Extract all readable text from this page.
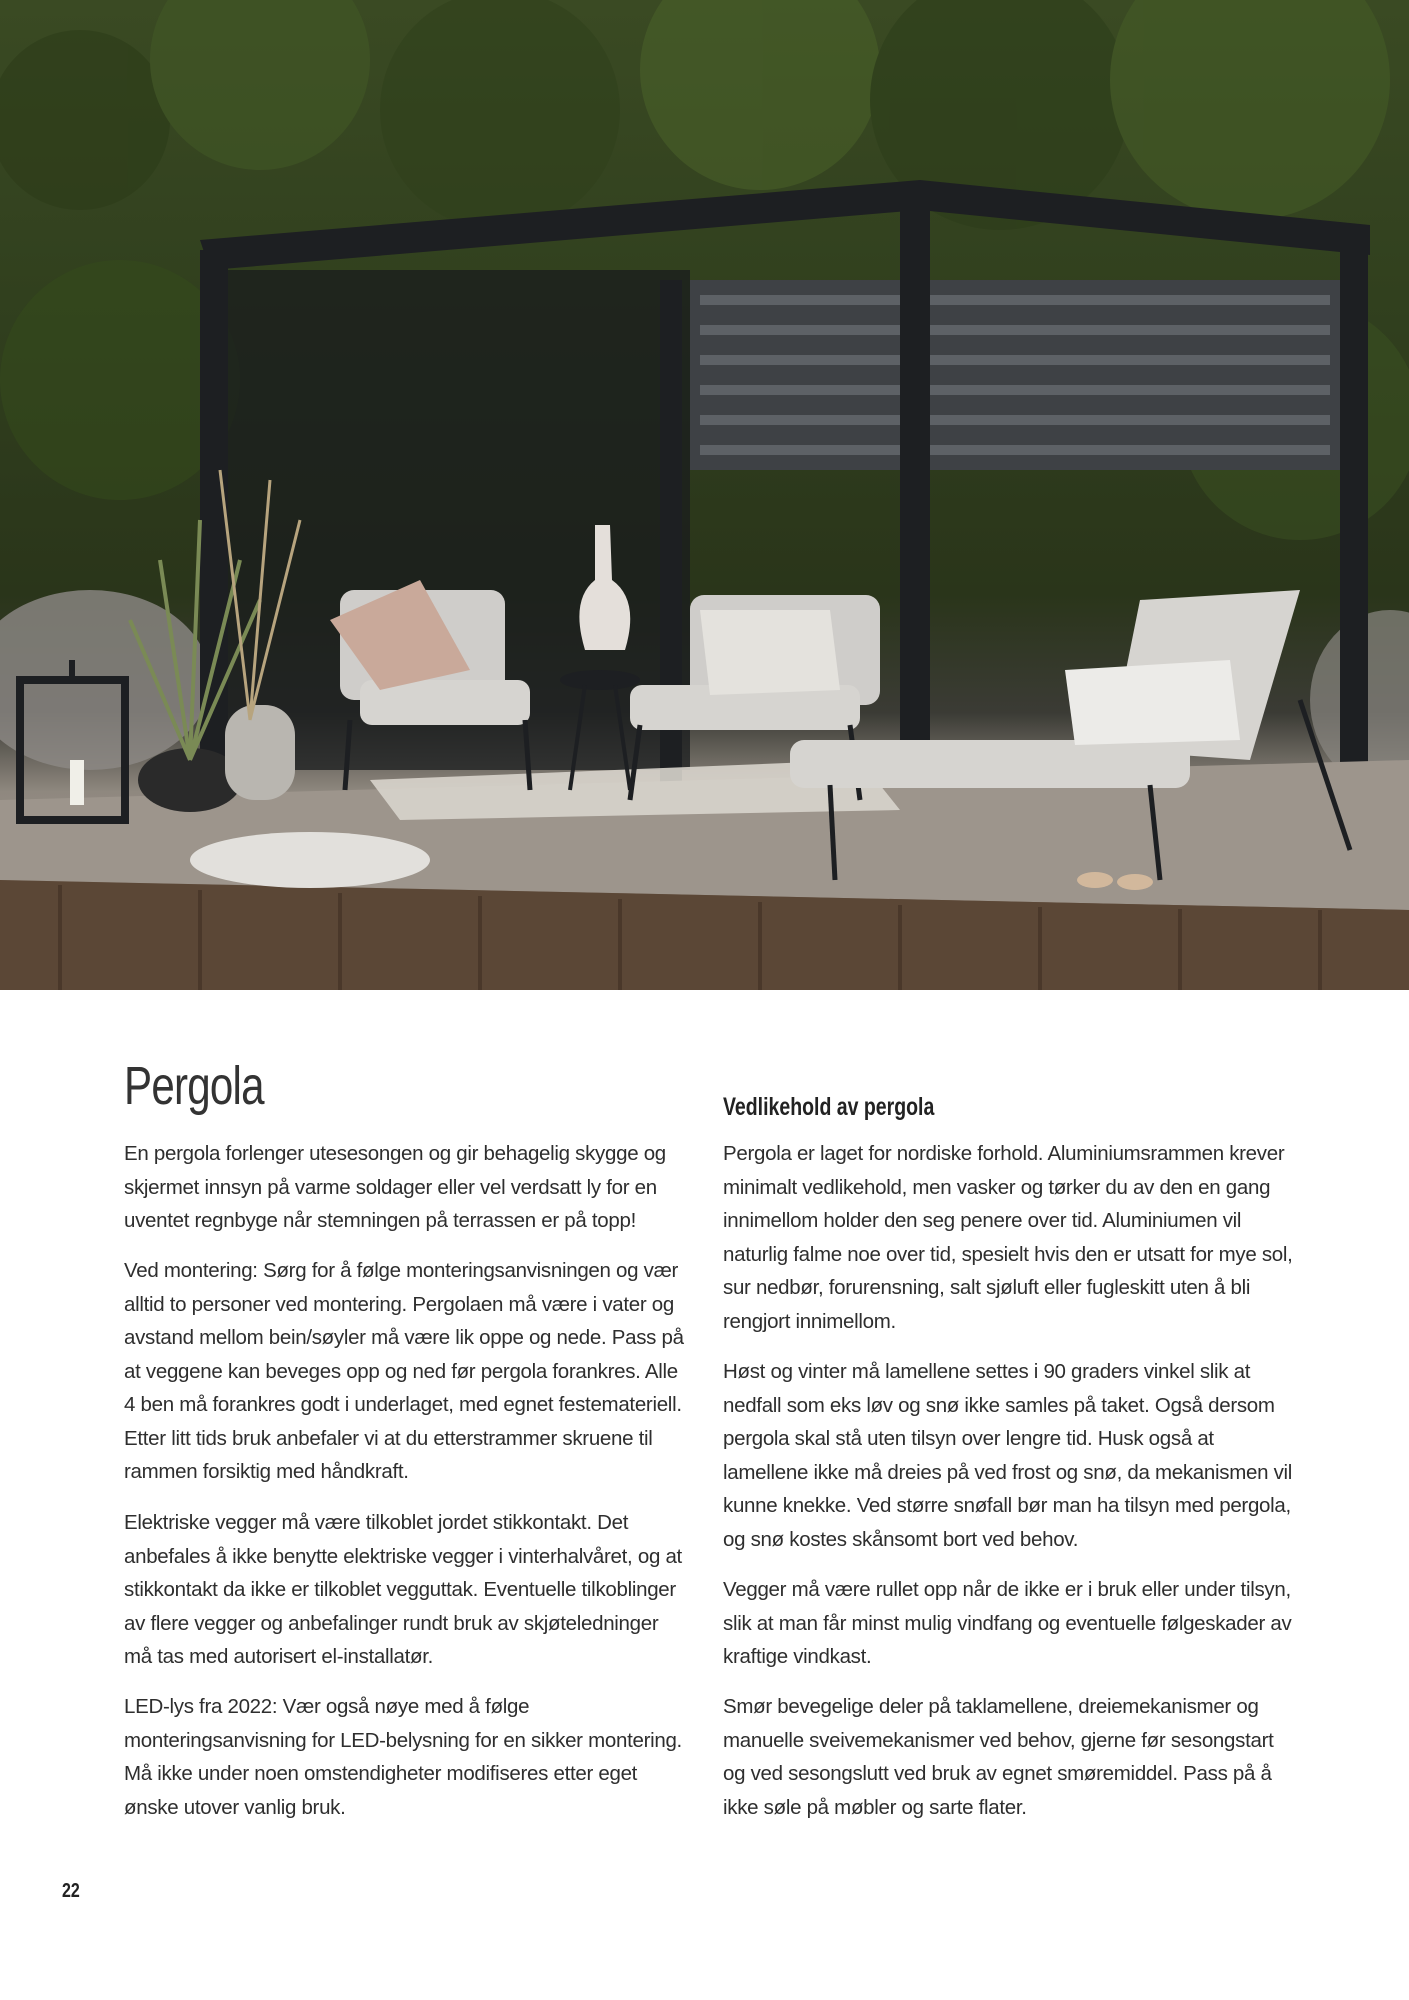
Pergola

En pergola forlenger utesesongen og gir behagelig skygge og skjermet innsyn på varme soldager eller vel verdsatt ly for en uventet regnbyge når stemningen på terrassen er på topp!

Ved montering: Sørg for å følge monteringsanvisningen og vær alltid to personer ved montering. Pergolaen må være i vater og avstand mellom bein/søyler må være lik oppe og nede. Pass på at veggene kan beveges opp og ned før pergola forankres. Alle 4 ben må forankres godt i underlaget, med egnet festemateriell. Etter litt tids bruk anbefaler vi at du etterstrammer skruene til rammen forsiktig med håndkraft.

Elektriske vegger må være tilkoblet jordet stikkontakt. Det anbefales å ikke benytte elektriske vegger i vinterhalvåret, og at stikkontakt da ikke er tilkoblet vegguttak. Eventuelle tilkoblinger av flere vegger og anbefalinger rundt bruk av skjøteledninger må tas med autorisert el-installatør.

LED-lys fra 2022: Vær også nøye med å følge monteringsanvisning for LED-belysning for en sikker montering. Må ikke under noen omstendigheter modifiseres etter eget ønske utover vanlig bruk.

Vedlikehold av pergola

Pergola er laget for nordiske forhold. Aluminiumsrammen krever minimalt vedlikehold, men vasker og tørker du av den en gang innimellom holder den seg penere over tid. Aluminiumen vil naturlig falme noe over tid, spesielt hvis den er utsatt for mye sol, sur nedbør, forurensning, salt sjøluft eller fugleskitt uten å bli rengjort innimellom.

Høst og vinter må lamellene settes i 90 graders vinkel slik at nedfall som eks løv og snø ikke samles på taket. Også dersom pergola skal stå uten tilsyn over lengre tid. Husk også at lamellene ikke må dreies på ved frost og snø, da mekanismen vil kunne knekke. Ved større snøfall bør man ha tilsyn med pergola, og snø kostes skånsomt bort ved behov.

Vegger må være rullet opp når de ikke er i bruk eller under tilsyn, slik at man får minst mulig vindfang og eventuelle følgeskader av kraftige vindkast.

Smør bevegelige deler på taklamellene, dreiemekanismer og manuelle sveivemekanismer ved behov, gjerne før sesongstart og ved sesongslutt ved bruk av egnet smøremiddel. Pass på å ikke søle på møbler og sarte flater.

22
